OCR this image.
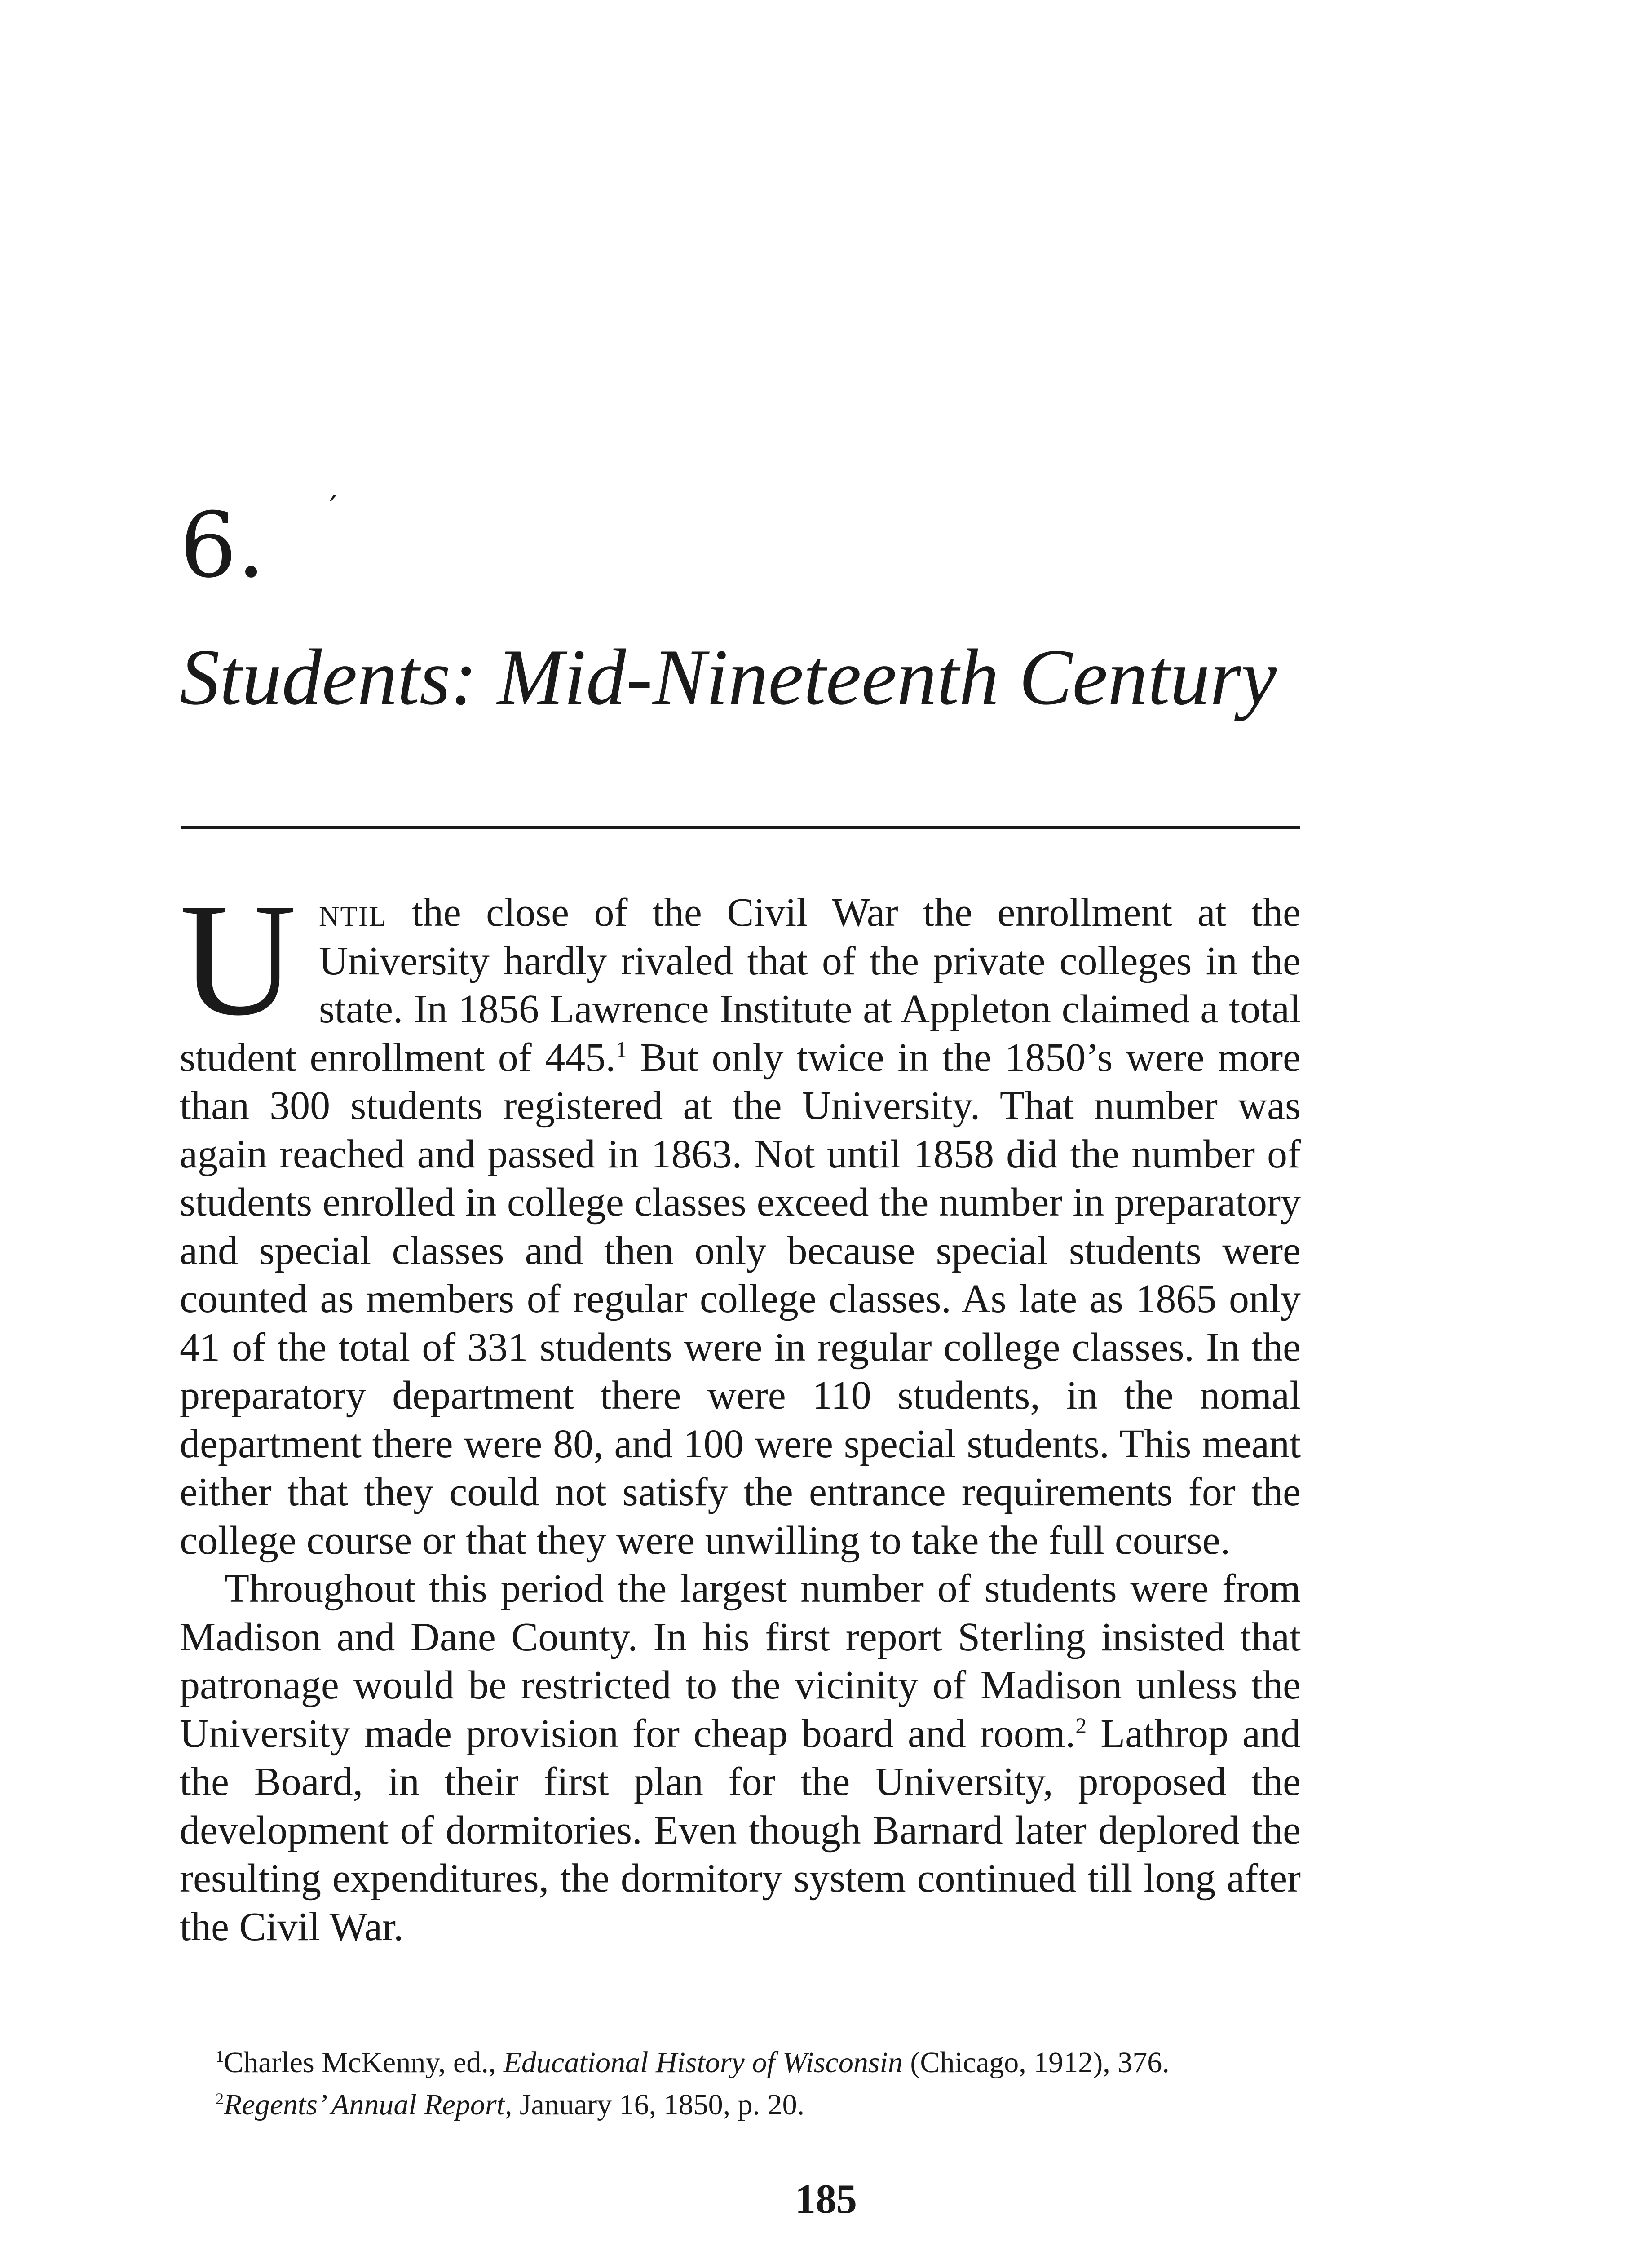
6. ˊ
Students: Mid-Nineteenth Century

Until the close of the Civil War the enrollment at the University hardly rivaled that of the private colleges in the state. In 1856 Lawrence Institute at Appleton claimed a total student enrollment of 445.$^1$ But only twice in the 1850’s were more than 300 students registered at the University. That number was again reached and passed in 1863. Not until 1858 did the number of students enrolled in college classes exceed the number in preparatory and special classes and then only because special students were counted as members of regular college classes. As late as 1865 only 41 of the total of 331 students were in regular college classes. In the preparatory department there were 110 students, in the nomal department there were 80, and 100 were special students. This meant either that they could not satisfy the entrance requirements for the college course or that they were unwilling to take the full course.

Throughout this period the largest number of students were from Madison and Dane County. In his first report Sterling insisted that patronage would be restricted to the vicinity of Madison unless the University made provision for cheap board and room.$^2$ Lathrop and the Board, in their first plan for the University, proposed the development of dormitories. Even though Barnard later deplored the resulting expenditures, the dormitory system continued till long after the Civil War.

$^1$Charles McKenny, ed., Educational History of Wisconsin (Chicago, 1912), 376.

$^2$Regents’ Annual Report, January 16, 1850, p. 20.

185
